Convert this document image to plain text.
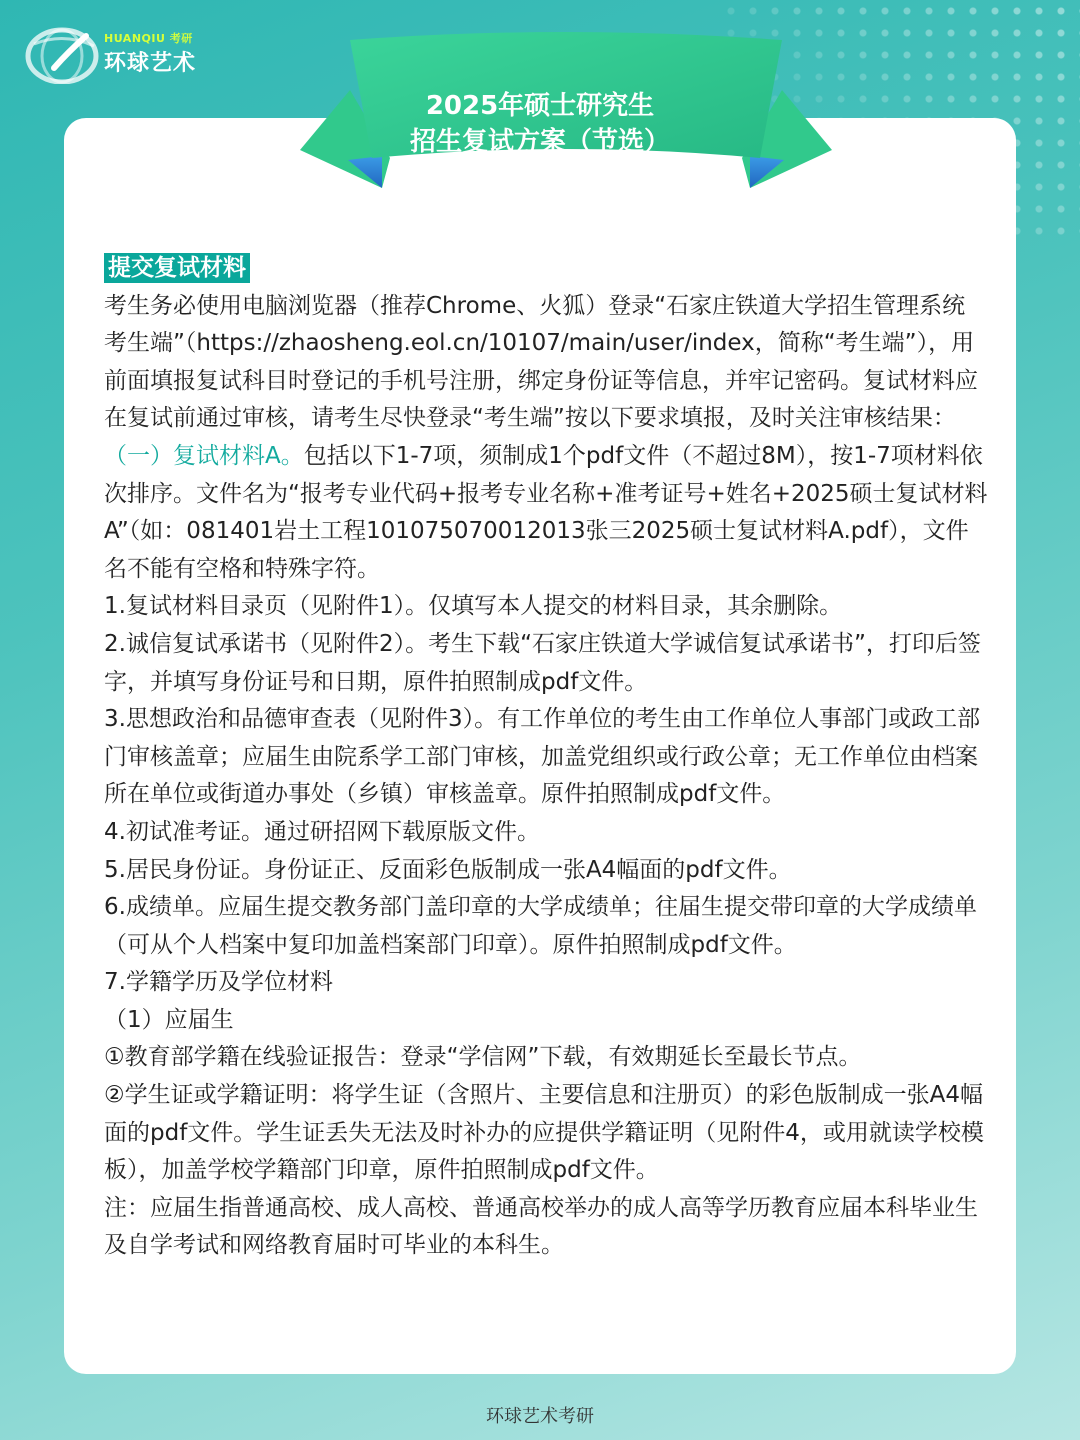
HUANQIU 考研
环球艺术
2025年硕士研究生
招生复试方案（节选）
提交复试材料

考生务必使用电脑浏览器（推荐Chrome、火狐）登录“石家庄铁道大学招生管理系统考生端”（https://zhaosheng.eol.cn/10107/main/user/index，简称“考生端”），用前面填报复试科目时登记的手机号注册，绑定身份证等信息，并牢记密码。复试材料应在复试前通过审核，请考生尽快登录“考生端”按以下要求填报，及时关注审核结果：

（一）复试材料A。包括以下1-7项，须制成1个pdf文件（不超过8M），按1-7项材料依次排序。文件名为“报考专业代码+报考专业名称+准考证号+姓名+2025硕士复试材料A”（如：081401岩土工程101075070012013张三2025硕士复试材料A.pdf），文件名不能有空格和特殊字符。

1.复试材料目录页（见附件1）。仅填写本人提交的材料目录，其余删除。

2.诚信复试承诺书（见附件2）。考生下载“石家庄铁道大学诚信复试承诺书”，打印后签字，并填写身份证号和日期，原件拍照制成pdf文件。

3.思想政治和品德审查表（见附件3）。有工作单位的考生由工作单位人事部门或政工部门审核盖章；应届生由院系学工部门审核，加盖党组织或行政公章；无工作单位由档案所在单位或街道办事处（乡镇）审核盖章。原件拍照制成pdf文件。

4.初试准考证。通过研招网下载原版文件。

5.居民身份证。身份证正、反面彩色版制成一张A4幅面的pdf文件。

6.成绩单。应届生提交教务部门盖印章的大学成绩单；往届生提交带印章的大学成绩单（可从个人档案中复印加盖档案部门印章）。原件拍照制成pdf文件。

7.学籍学历及学位材料

（1）应届生

①教育部学籍在线验证报告：登录“学信网”下载，有效期延长至最长节点。

②学生证或学籍证明：将学生证（含照片、主要信息和注册页）的彩色版制成一张A4幅面的pdf文件。学生证丢失无法及时补办的应提供学籍证明（见附件4，或用就读学校模板），加盖学校学籍部门印章，原件拍照制成pdf文件。

注：应届生指普通高校、成人高校、普通高校举办的成人高等学历教育应届本科毕业生及自学考试和网络教育届时可毕业的本科生。

环球艺术考研
